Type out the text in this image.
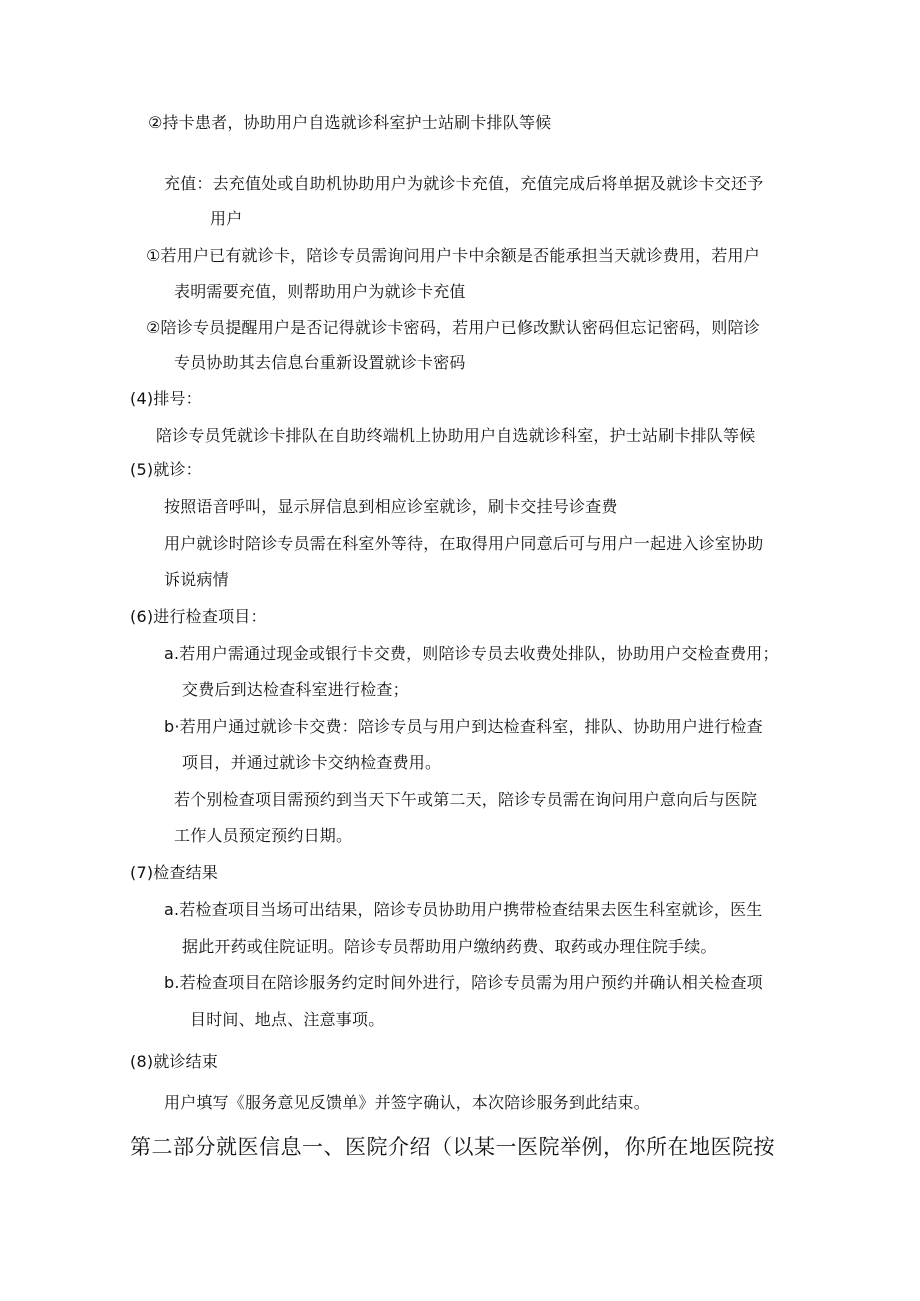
②持卡患者，协助用户自选就诊科室护士站刷卡排队等候
充值：去充值处或自助机协助用户为就诊卡充值，充值完成后将单据及就诊卡交还予
用户
①若用户已有就诊卡，陪诊专员需询问用户卡中余额是否能承担当天就诊费用，若用户
表明需要充值，则帮助用户为就诊卡充值
②陪诊专员提醒用户是否记得就诊卡密码，若用户已修改默认密码但忘记密码，则陪诊
专员协助其去信息台重新设置就诊卡密码
(4)排号：
陪诊专员凭就诊卡排队在自助终端机上协助用户自选就诊科室，护士站刷卡排队等候
(5)就诊：
按照语音呼叫，显示屏信息到相应诊室就诊，刷卡交挂号诊查费
用户就诊时陪诊专员需在科室外等待，在取得用户同意后可与用户一起进入诊室协助
诉说病情
(6)进行检查项目：
a.若用户需通过现金或银行卡交费，则陪诊专员去收费处排队，协助用户交检查费用；
交费后到达检查科室进行检查；
b·若用户通过就诊卡交费：陪诊专员与用户到达检查科室，排队、协助用户进行检查
项目，并通过就诊卡交纳检查费用。
若个别检查项目需预约到当天下午或第二天，陪诊专员需在询问用户意向后与医院
工作人员预定预约日期。
(7)检查结果
a.若检查项目当场可出结果，陪诊专员协助用户携带检查结果去医生科室就诊，医生
据此开药或住院证明。陪诊专员帮助用户缴纳药费、取药或办理住院手续。
b.若检查项目在陪诊服务约定时间外进行，陪诊专员需为用户预约并确认相关检查项
目时间、地点、注意事项。
(8)就诊结束
用户填写《服务意见反馈单》并签字确认，本次陪诊服务到此结束。
第二部分就医信息一、医院介绍（以某一医院举例，你所在地医院按
